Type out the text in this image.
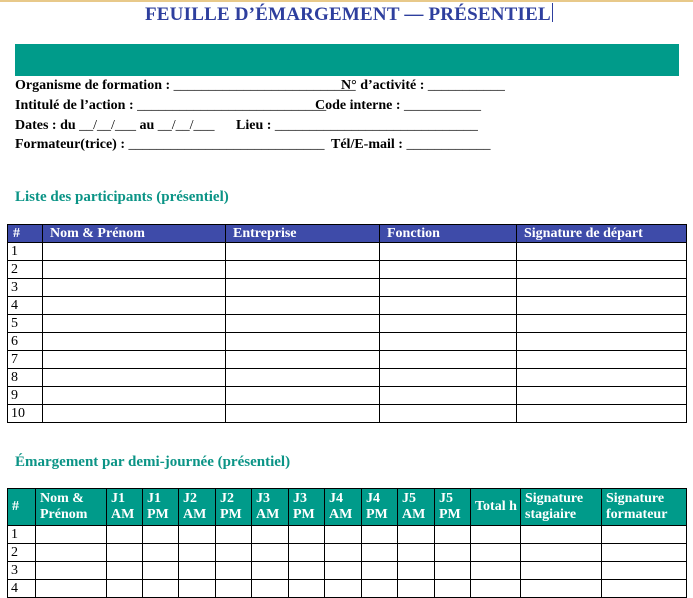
FEUILLE D’ÉMARGEMENT — PRÉSENTIEL
Organisme de formation : __________________________
N° d’activité : ___________
Intitulé de l’action : ___________________________
Code interne : ___________
Dates : du __/__/___ au __/__/___ Lieu : _____________________________
Formateur(trice) : ____________________________ Tél/E-mail : ____________
Liste des participants (présentiel)
#	Nom & Prénom	Entreprise	Fonction	Signature de départ
1				
2				
3				
4				
5				
6				
7				
8				
9				
10				
Émargement par demi-journée (présentiel)
#	Nom & Prénom	J1 AM	J1 PM	J2 AM	J2 PM	J3 AM	J3 PM	J4 AM	J4 PM	J5 AM	J5 PM	Total h	Signature stagiaire	Signature formateur
1														
2														
3														
4														
